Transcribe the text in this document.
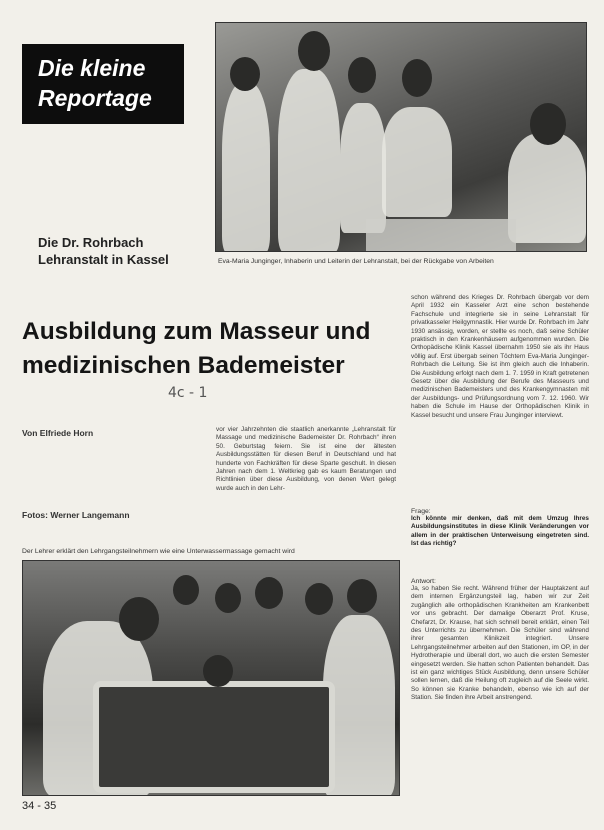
Die kleine
Reportage
Die Dr. Rohrbach
Lehranstalt in Kassel	Eva-Maria Junginger, Inhaberin und Leiterin der Lehranstalt, bei der Rückgabe von Arbeiten
Ausbildung zum Masseur und
medizinischen Bademeister
4c - 1
Von Elfriede Horn
Fotos: Werner Langemann

vor vier Jahrzehnten die staatlich anerkannte „Lehranstalt für Massage und medizinische Bademeister Dr. Rohrbach“ ihren 50. Geburtstag feiern. Sie ist eine der ältesten Ausbildungsstätten für diesen Beruf in Deutschland und hat hunderte von Fachkräften für diese Sparte geschult. In diesen Jahren nach dem 1. Weltkrieg gab es kaum Beratungen und Richtlinien über diese Ausbildung, von denen Wert gelegt wurde auch in den Lehr-

schon während des Krieges Dr. Rohrbach übergab vor dem April 1932 ein Kasseler Arzt eine schon bestehende Fachschule und integrierte sie in seine Lehranstalt für privatkasseler Heilgymnastik. Hier wurde Dr. Rohrbach im Jahr 1930 ansässig, worden, er stellte es noch, daß seine Schüler praktisch in den Krankenhäusern aufgenommen wurden. Die Orthopädische Klinik Kassel übernahm 1950 sie als ihr Haus völlig auf. Erst übergab seinen Töchtern Eva-Maria Junginger-Rohrbach die Leitung. Sie ist ihm gleich auch die Inhaberin. Die Ausbildung erfolgt nach dem 1. 7. 1959 in Kraft getretenen Gesetz über die Ausbildung der Berufe des Masseurs und medizinischen Bademeisters und des Krankengymnasten mit der Ausbildungs- und Prüfungsordnung vom 7. 12. 1960. Wir haben die Schule im Hause der Orthopädischen Klinik in Kassel besucht und unsere Frau Junginger interviewt.

Frage:
Ich könnte mir denken, daß mit dem Umzug Ihres Ausbildungsinstitutes in diese Klinik Veränderungen vor allem in der praktischen Unterweisung eingetreten sind. Ist das richtig?
Antwort:
Ja, so haben Sie recht. Während früher der Hauptakzent auf dem internen Ergänzungsteil lag, haben wir zur Zeit zugänglich alle orthopädischen Krankheiten am Krankenbett vor uns gebracht. Der damalige Oberarzt Prof. Kruse, Chefarzt, Dr. Krause, hat sich schnell bereit erklärt, einen Teil des Unterrichts zu übernehmen. Die Schüler sind während ihrer gesamten Klinikzeit integriert. Unsere Lehrgangsteilnehmer arbeiten auf den Stationen, im OP, in der Hydrotherapie und überall dort, wo auch die ersten Semester eingesetzt werden. Sie hatten schon Patienten behandelt. Das ist ein ganz wichtiges Stück Ausbildung, denn unsere Schüler sollen lernen, daß die Heilung oft zugleich auf die Seele wirkt. So können sie Kranke behandeln, ebenso wie ich auf der Station. Sie finden ihre Arbeit anstrengend.
Der Lehrer erklärt den Lehrgangsteilnehmern wie eine Unterwassermassage gemacht wird
34 - 35
